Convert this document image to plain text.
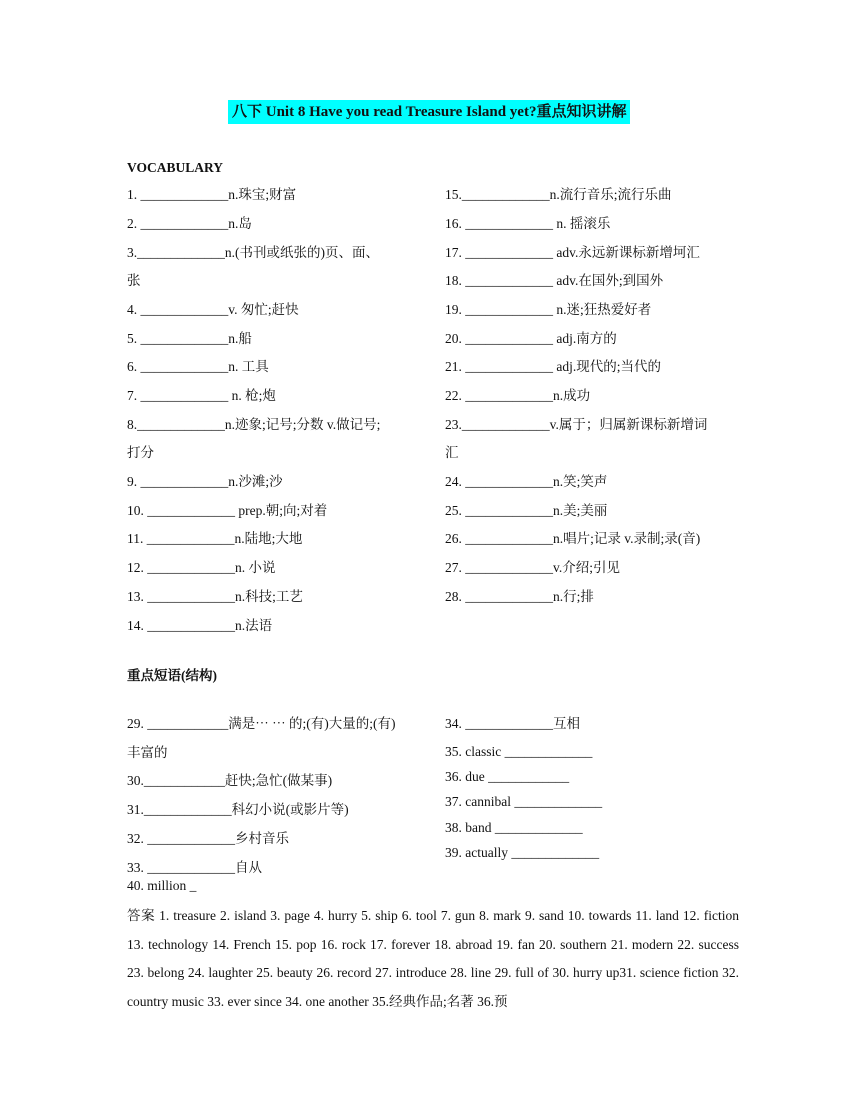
八下 Unit 8 Have you read Treasure Island yet?重点知识讲解
VOCABULARY
1. _____________n.珠宝;财富
2. _____________n.岛
3._____________n.(书刊或纸张的)页、面、
张
4. _____________v. 匆忙;赶快
5. _____________n.船
6. _____________n. 工具
7. _____________ n. 枪;炮
8._____________n.迹象;记号;分数 v.做记号;
打分
9. _____________n.沙滩;沙
10. _____________ prep.朝;向;对着
11. _____________n.陆地;大地
12. _____________n. 小说
13. _____________n.科技;工艺
14. _____________n.法语
15._____________n.流行音乐;流行乐曲
16. _____________ n. 摇滚乐
17. _____________ adv.永远新课标新增坷汇
18. _____________ adv.在国外;到国外
19. _____________ n.迷;狂热爱好者
20. _____________ adj.南方的
21. _____________ adj.现代的;当代的
22. _____________n.成功
23._____________v.属于；归属新课标新增词
汇
24. _____________n.笑;笑声
25. _____________n.美;美丽
26. _____________n.唱片;记录 v.录制;录(音)
27. _____________v.介绍;引见
28. _____________n.行;排
重点短语(结构)
29. ____________满是⋯ ⋯ 的;(有)大量的;(有)
丰富的
30.____________赶快;急忙(做某事)
31._____________科幻小说(或影片等)
32. _____________乡村音乐
33. _____________自从
34. _____________互相
35. classic _____________
36. due ____________
37. cannibal _____________
38. band _____________
39. actually _____________
40. million _
答案 1. treasure 2. island 3. page 4. hurry 5. ship 6. tool 7. gun 8. mark 9. sand 10. towards 11. land 12. fiction 13. technology 14. French 15. pop 16. rock 17. forever 18. abroad 19. fan 20. southern 21. modern 22. success 23. belong 24. laughter 25. beauty 26. record 27. introduce 28. line 29. full of 30. hurry up31. science fiction 32. country music 33. ever since 34. one another 35.经典作品;名著 36.预
